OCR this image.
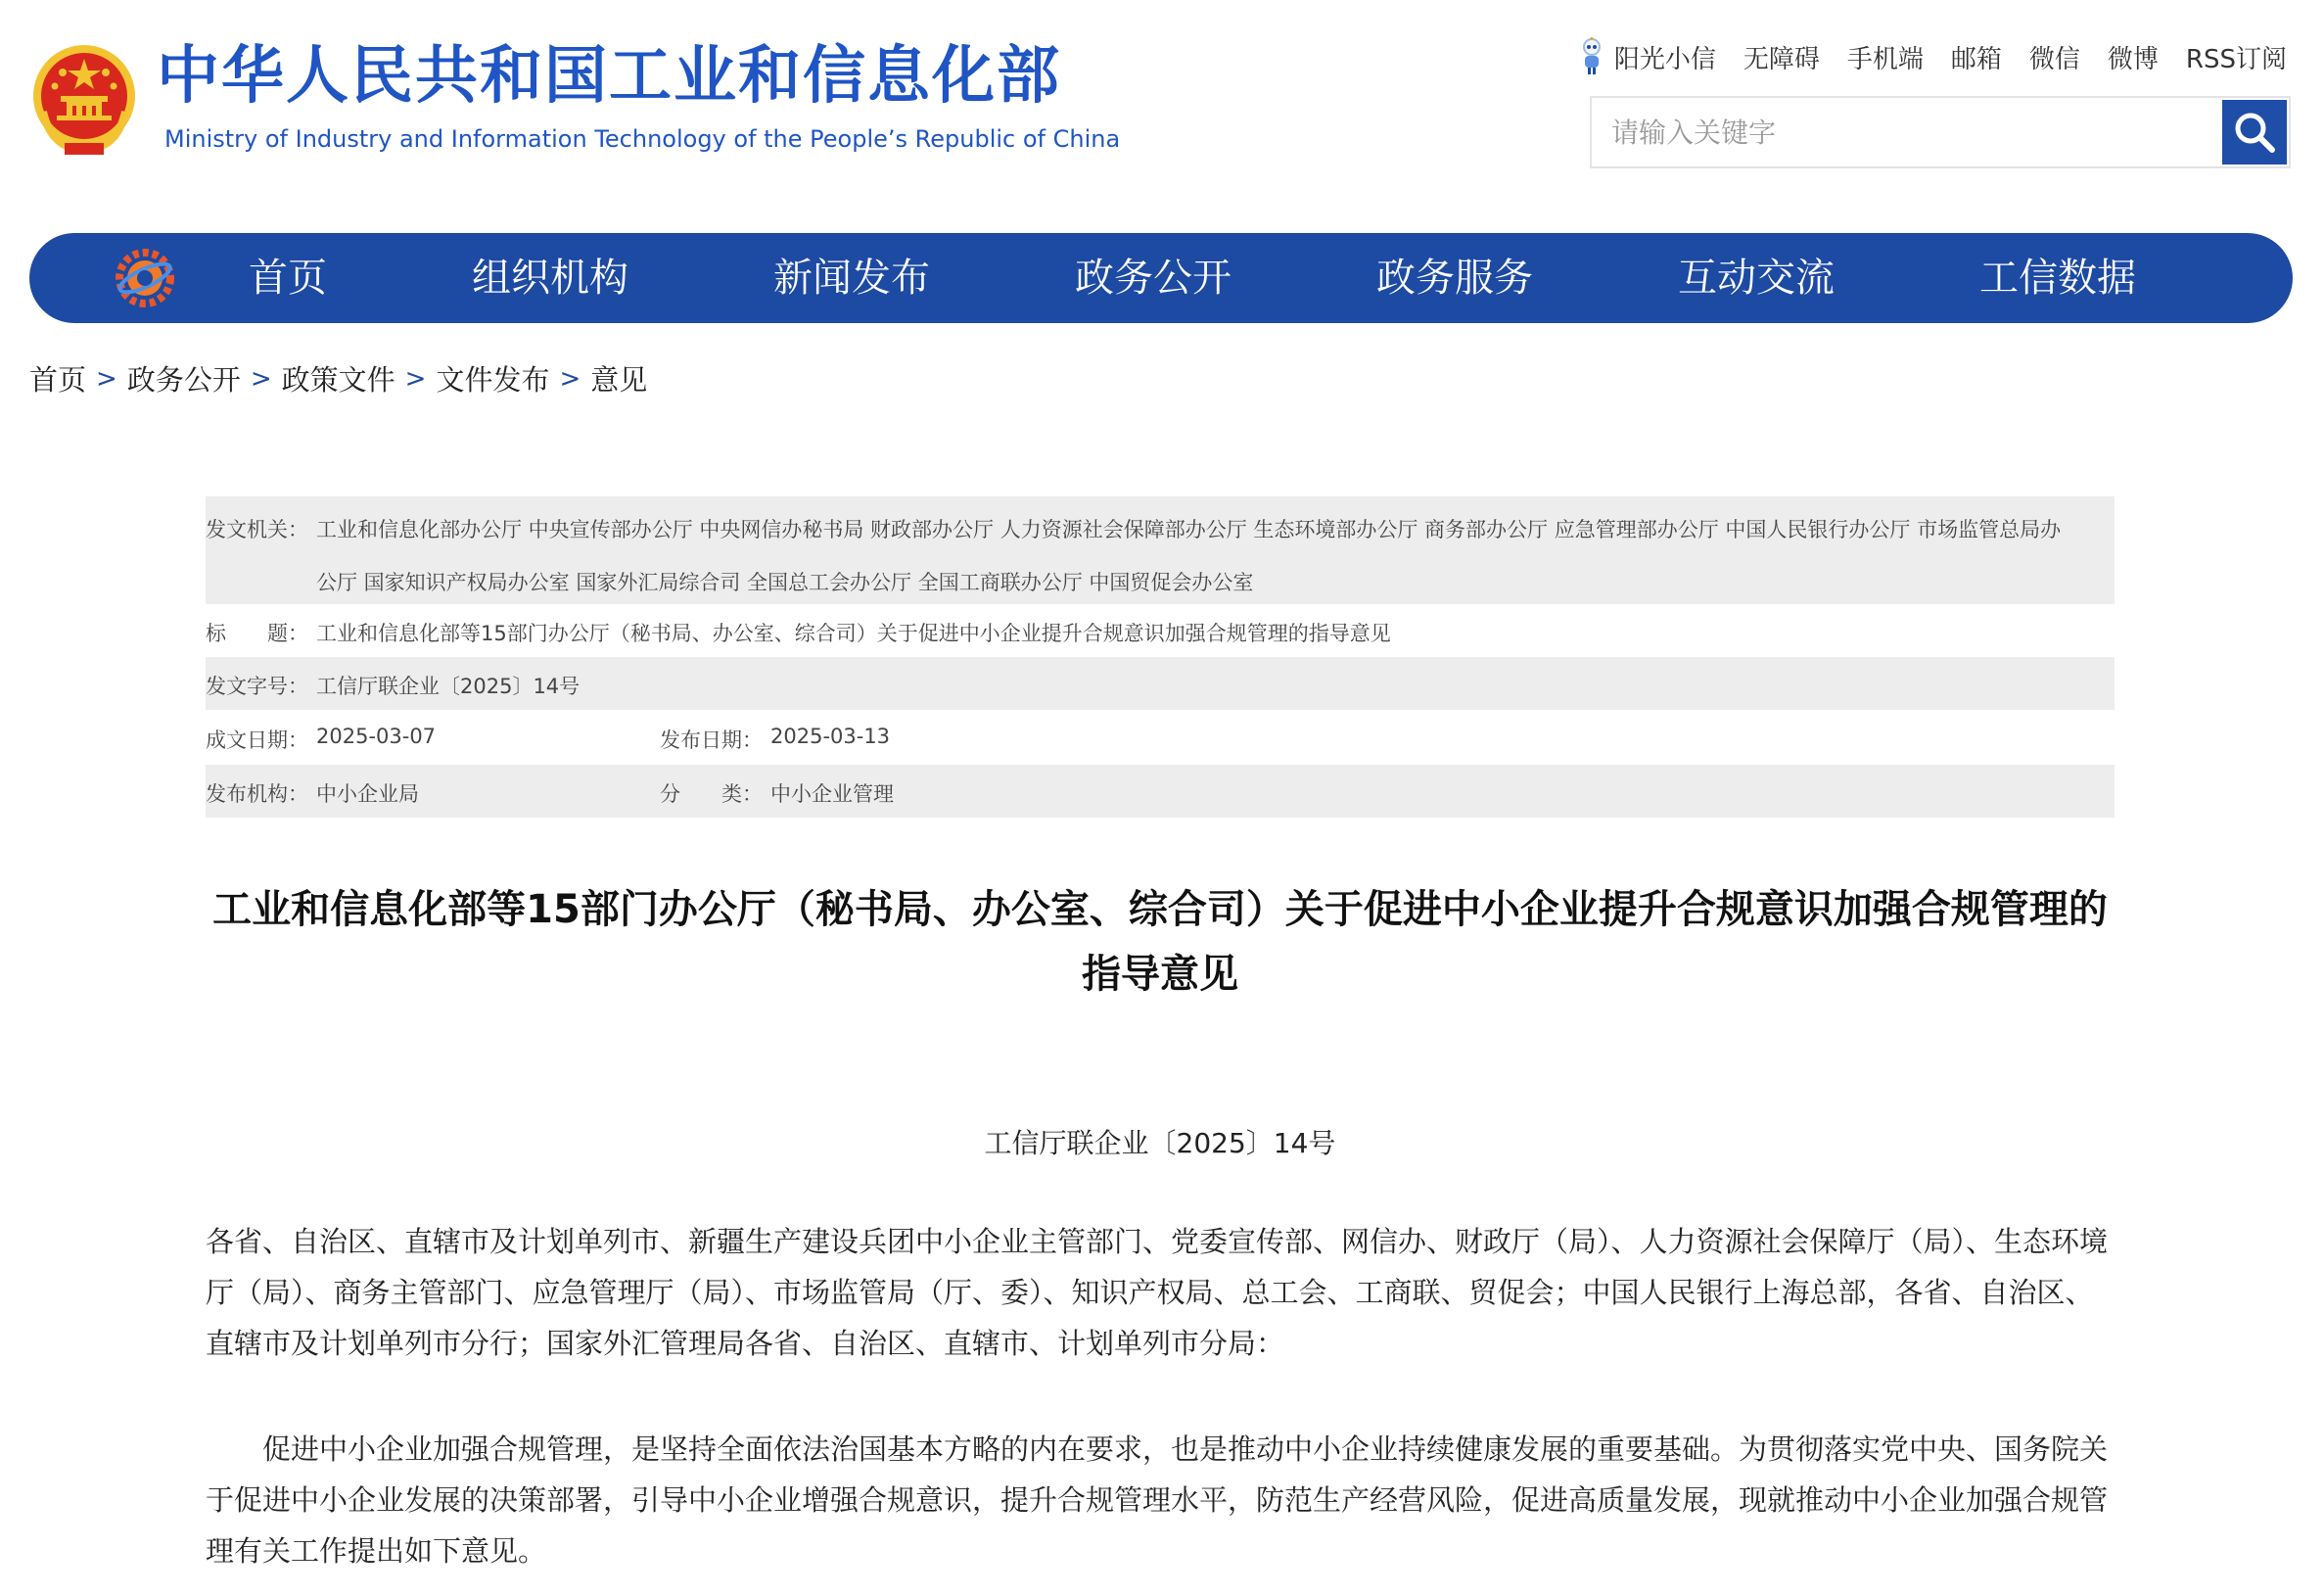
中华人民共和国工业和信息化部
Ministry of Industry and Information Technology of the People’s Republic of China
阳光小信 无障碍 手机端 邮箱 微信 微博 RSS订阅
请输入关键字
首页	组织机构	新闻发布	政务公开	政务服务	互动交流	工信数据
首页 > 政务公开 > 政策文件 > 文件发布 > 意见
发文机关： 工业和信息化部办公厅 中央宣传部办公厅 中央网信办秘书局 财政部办公厅 人力资源社会保障部办公厅 生态环境部办公厅 商务部办公厅 应急管理部办公厅 中国人民银行办公厅 市场监管总局办
公厅 国家知识产权局办公室 国家外汇局综合司 全国总工会办公厅 全国工商联办公厅 中国贸促会办公室
标　　题： 工业和信息化部等15部门办公厅（秘书局、办公室、综合司）关于促进中小企业提升合规意识加强合规管理的指导意见
发文字号： 工信厅联企业〔2025〕14号
成文日期： 2025-03-07	发布日期： 2025-03-13
发布机构： 中小企业局	分　　类： 中小企业管理
工业和信息化部等15部门办公厅（秘书局、办公室、综合司）关于促进中小企业提升合规意识加强合规管理的指导意见
工信厅联企业〔2025〕14号
各省、自治区、直辖市及计划单列市、新疆生产建设兵团中小企业主管部门、党委宣传部、网信办、财政厅（局）、人力资源社会保障厅（局）、生态环境厅（局）、商务主管部门、应急管理厅（局）、市场监管局（厅、委）、知识产权局、总工会、工商联、贸促会；中国人民银行上海总部，各省、自治区、直辖市及计划单列市分行；国家外汇管理局各省、自治区、直辖市、计划单列市分局：
促进中小企业加强合规管理，是坚持全面依法治国基本方略的内在要求，也是推动中小企业持续健康发展的重要基础。为贯彻落实党中央、国务院关于促进中小企业发展的决策部署，引导中小企业增强合规意识，提升合规管理水平，防范生产经营风险，促进高质量发展，现就推动中小企业加强合规管理有关工作提出如下意见。
